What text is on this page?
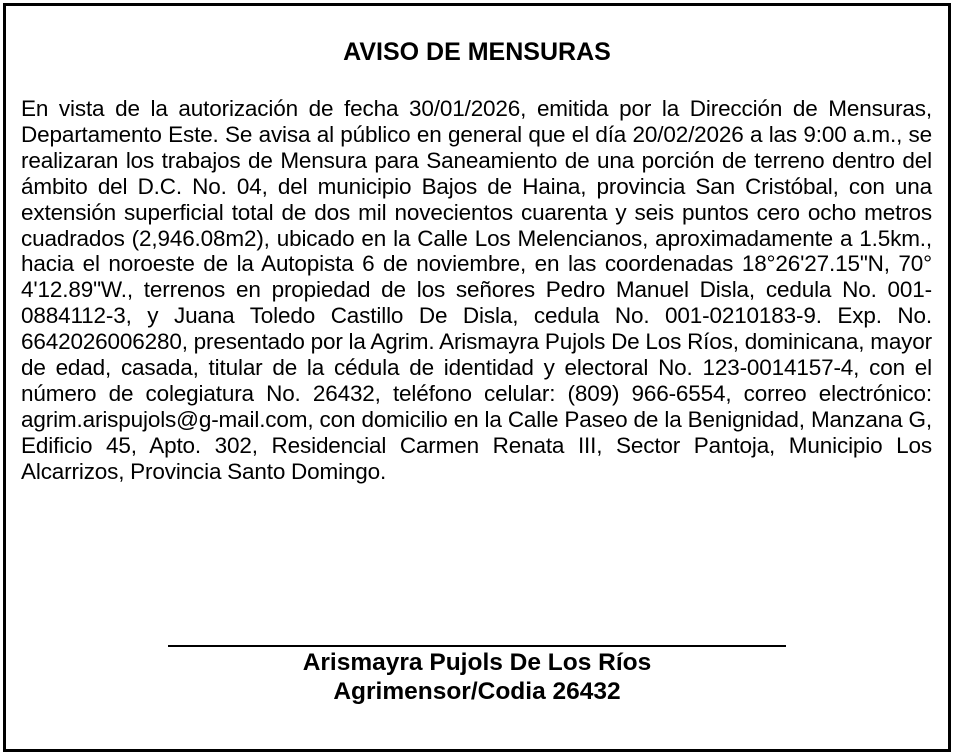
AVISO DE MENSURAS

En vista de la autorización de fecha 30/01/2026, emitida por la Dirección de Mensuras, Departamento Este. Se avisa al público en general que el día 20/02/2026 a las 9:00 a.m., se realizaran los trabajos de Mensura para Saneamiento de una porción de terreno dentro del ámbito del D.C. No. 04, del municipio Bajos de Haina, provincia San Cristóbal, con una extensión superficial total de dos mil novecientos cuarenta y seis puntos cero ocho metros cuadrados (2,946.08m2), ubicado en la Calle Los Melencianos, aproximadamente a 1.5km., hacia el noroeste de la Autopista 6 de noviembre, en las coordenadas 18°26'27.15"N, 70° 4'12.89"W., terrenos en propiedad de los señores Pedro Manuel Disla, cedula No. 001-0884112-3, y Juana Toledo Castillo De Disla, cedula No. 001-0210183-9. Exp. No. 6642026006280, presentado por la Agrim. Arismayra Pujols De Los Ríos, dominicana, mayor de edad, casada, titular de la cédula de identidad y electoral No. 123-0014157-4, con el número de colegiatura No. 26432, teléfono celular: (809) 966-6554, correo electrónico: agrim.arispujols@g-mail.com, con domicilio en la Calle Paseo de la Benignidad, Manzana G, Edificio 45, Apto. 302, Residencial Carmen Renata III, Sector Pantoja, Municipio Los Alcarrizos, Provincia Santo Domingo.

Arismayra Pujols De Los Ríos
Agrimensor/Codia 26432
